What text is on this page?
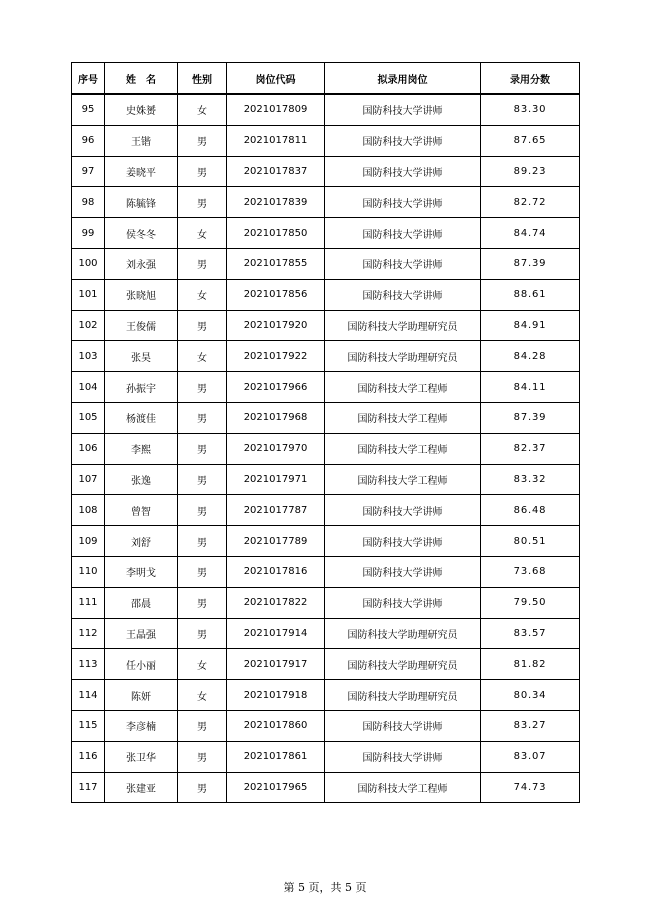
序号	姓　名	性别	岗位代码	拟录用岗位	录用分数
95	史姝赟	女	2021017809	国防科技大学讲师	83.30
96	王锴	男	2021017811	国防科技大学讲师	87.65
97	姜晓平	男	2021017837	国防科技大学讲师	89.23
98	陈毓锋	男	2021017839	国防科技大学讲师	82.72
99	侯冬冬	女	2021017850	国防科技大学讲师	84.74
100	刘永强	男	2021017855	国防科技大学讲师	87.39
101	张晓旭	女	2021017856	国防科技大学讲师	88.61
102	王俊儒	男	2021017920	国防科技大学助理研究员	84.91
103	张昊	女	2021017922	国防科技大学助理研究员	84.28
104	孙振宇	男	2021017966	国防科技大学工程师	84.11
105	杨渡佳	男	2021017968	国防科技大学工程师	87.39
106	李熙	男	2021017970	国防科技大学工程师	82.37
107	张逸	男	2021017971	国防科技大学工程师	83.32
108	曾智	男	2021017787	国防科技大学讲师	86.48
109	刘舒	男	2021017789	国防科技大学讲师	80.51
110	李明戈	男	2021017816	国防科技大学讲师	73.68
111	邵晨	男	2021017822	国防科技大学讲师	79.50
112	王晶强	男	2021017914	国防科技大学助理研究员	83.57
113	任小丽	女	2021017917	国防科技大学助理研究员	81.82
114	陈妍	女	2021017918	国防科技大学助理研究员	80.34
115	李彦楠	男	2021017860	国防科技大学讲师	83.27
116	张卫华	男	2021017861	国防科技大学讲师	83.07
117	张建亚	男	2021017965	国防科技大学工程师	74.73
第 5 页，共 5 页
